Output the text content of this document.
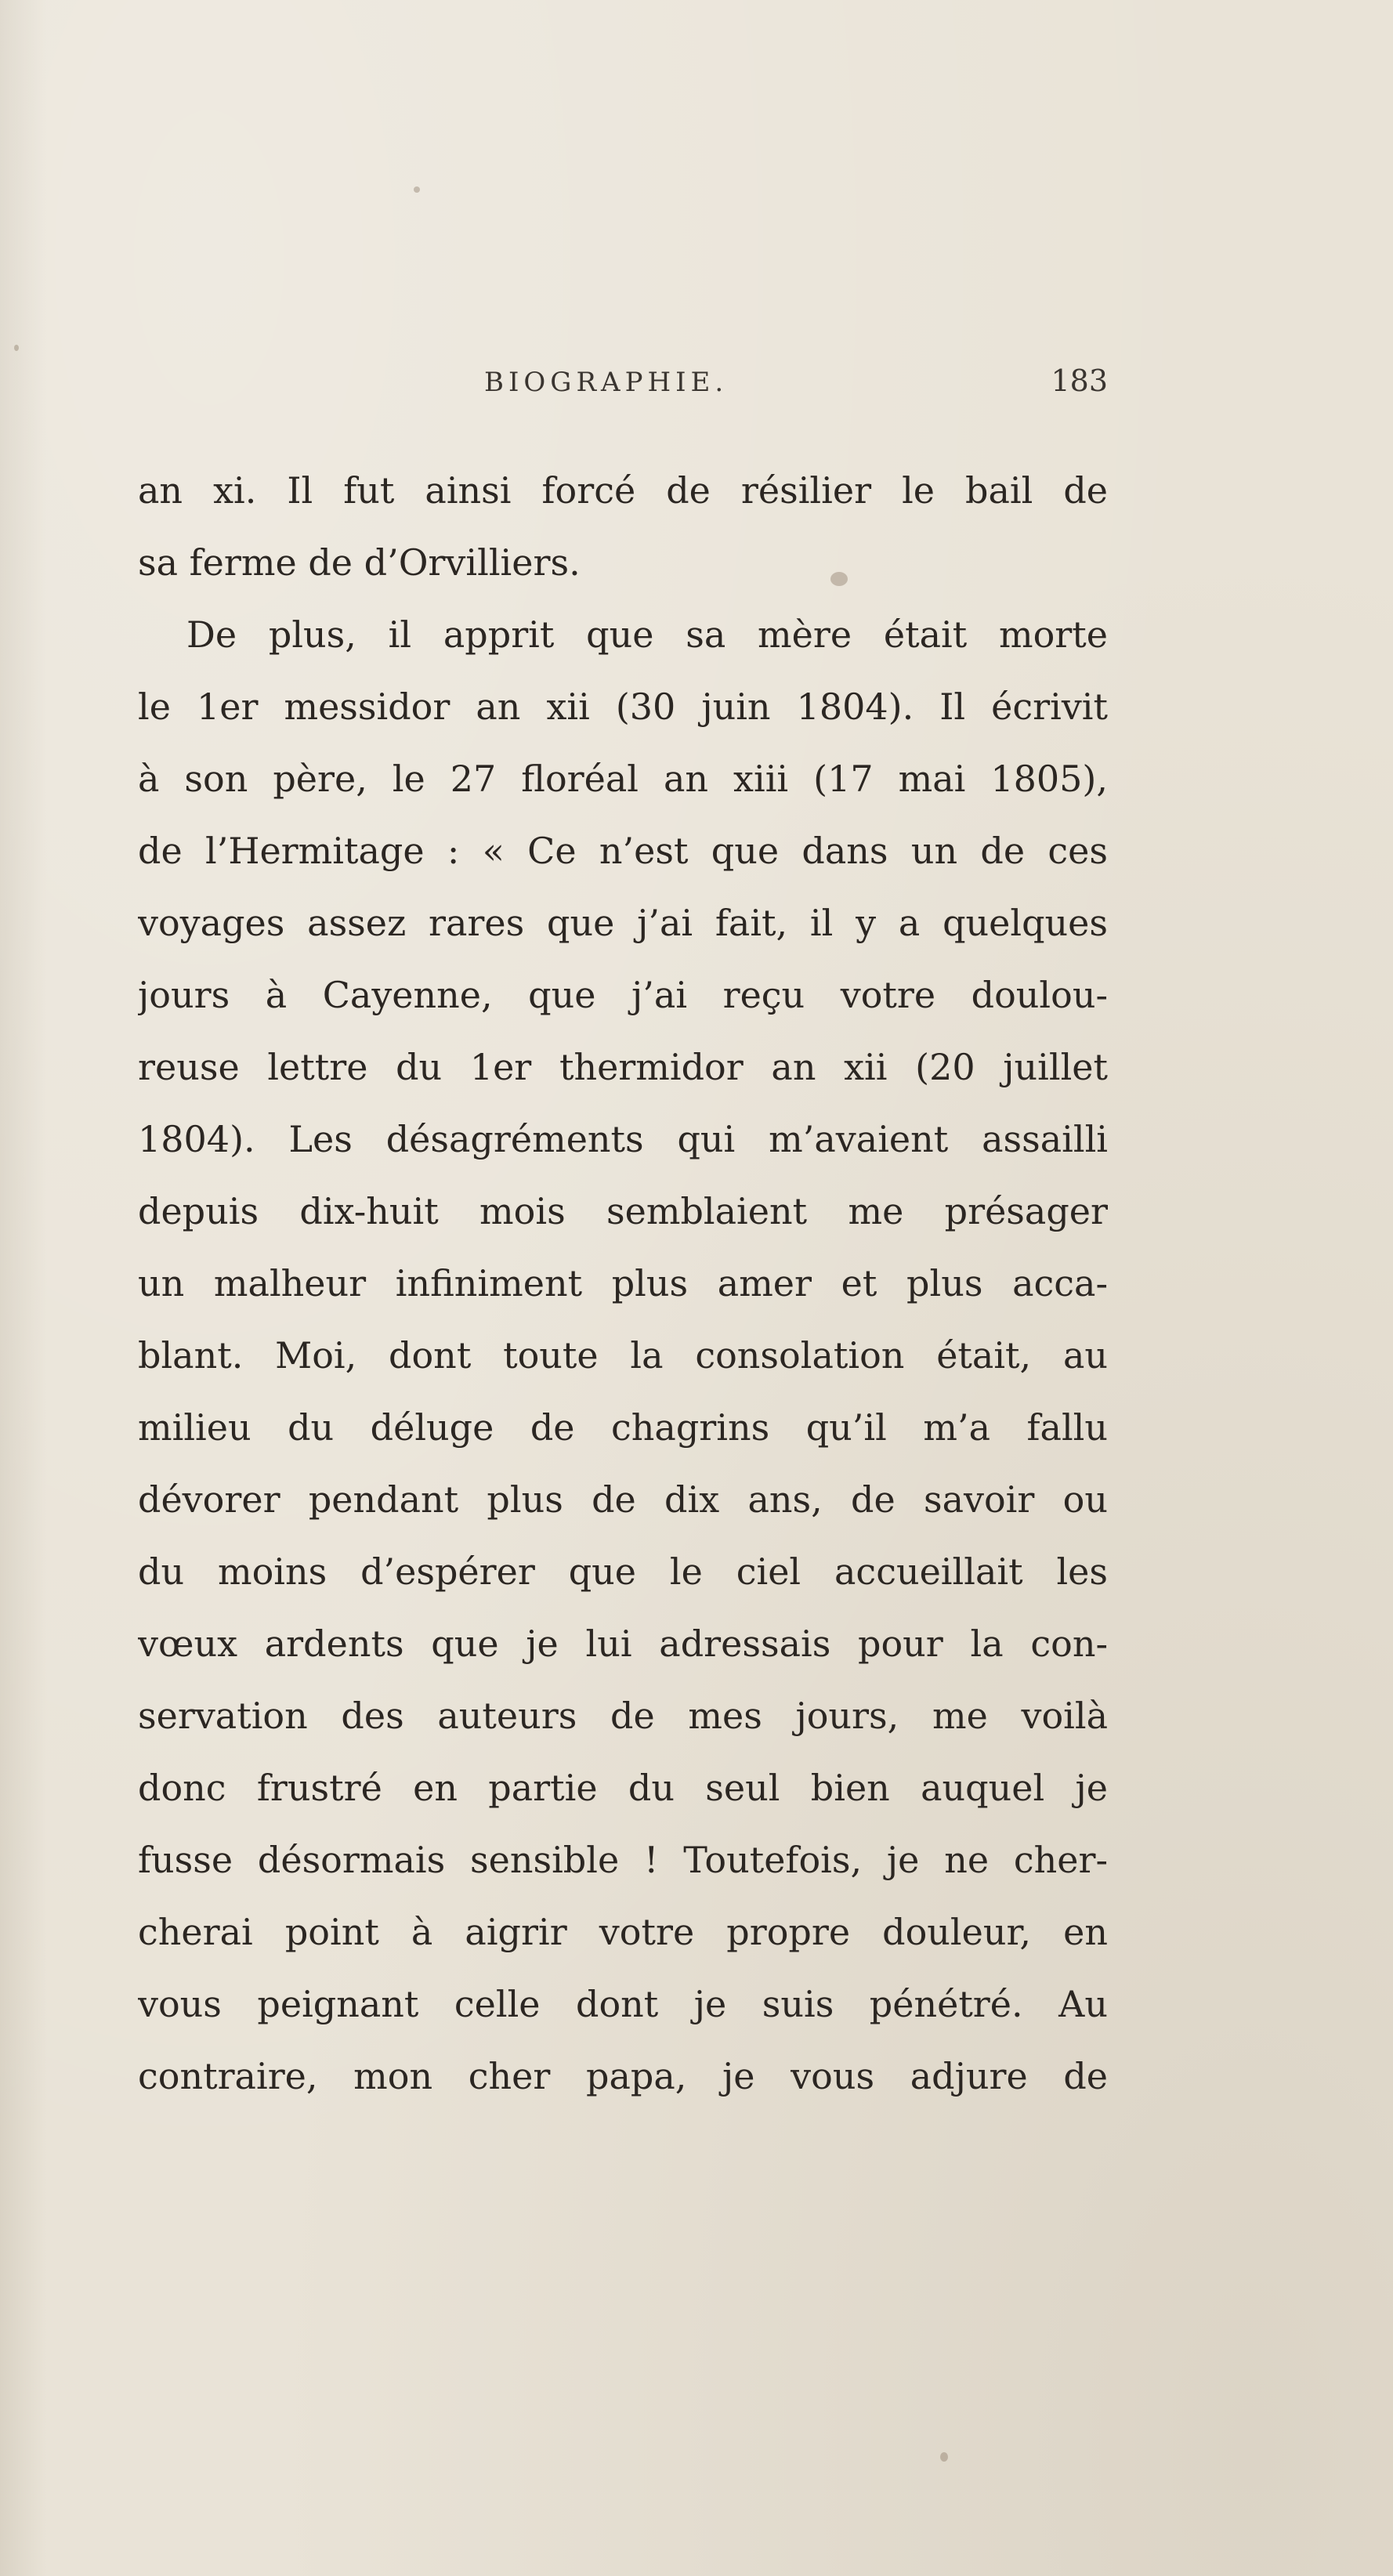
BIOGRAPHIE.	183
an xi. Il fut ainsi forcé de résilier le bail de
sa ferme de d’Orvilliers.
De plus, il apprit que sa mère était morte
le 1er messidor an xii (30 juin 1804). Il écrivit
à son père, le 27 floréal an xiii (17 mai 1805),
de l’Hermitage : « Ce n’est que dans un de ces
voyages assez rares que j’ai fait, il y a quelques
jours à Cayenne, que j’ai reçu votre doulou-
reuse lettre du 1er thermidor an xii (20 juillet
1804). Les désagréments qui m’avaient assailli
depuis dix-huit mois semblaient me présager
un malheur infiniment plus amer et plus acca-
blant. Moi, dont toute la consolation était, au
milieu du déluge de chagrins qu’il m’a fallu
dévorer pendant plus de dix ans, de savoir ou
du moins d’espérer que le ciel accueillait les
vœux ardents que je lui adressais pour la con-
servation des auteurs de mes jours, me voilà
donc frustré en partie du seul bien auquel je
fusse désormais sensible ! Toutefois, je ne cher-
cherai point à aigrir votre propre douleur, en
vous peignant celle dont je suis pénétré. Au
contraire, mon cher papa, je vous adjure de
